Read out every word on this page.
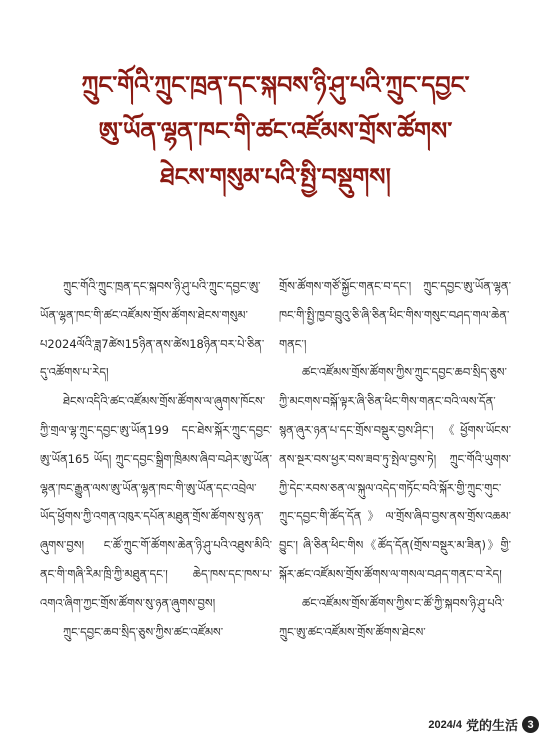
ཀྲུང་གོའི་ཀྲུང་ཁྲན་དང་སྐབས་ཉི་ཤུ་པའི་ཀྲུང་དབྱང་
ཨུ་ཡོན་ལྷན་ཁང་གི་ཚང་འཛོམས་གྲོས་ཚོགས་
ཐེངས་གསུམ་པའི་སྤྱི་བསྡུགས།

ཀྲུང་གོའི་ཀྲུང་ཁྲན་དང་སྐབས་ཉི་ཤུ་པའི་ཀྲུང་དབྱང་ཨུ་ཡོན་ལྷན་ཁང་གི་ཚང་འཛོམས་གྲོས་ཚོགས་ཐེངས་གསུམ་པ2024ལོའི་ཟླ7ཚེས15ཉིན་ནས་ཚེས18ཉིན་བར་པེ་ཅིན་དུ་འཚོགས་པ་རེད།

ཐེངས་འདིའི་ཚང་འཛོམས་གྲོས་ཚོགས་ལ་ཞུགས་ཁོངས་ཀྱི་གྲལ་ལྷ་ཀྲུང་དབྱང་ཨུ་ཡོན199 དང་ཐེས་སྐོར་ཀྲུང་དབྱང་ཨུ་ཡོན165 ཡོད། ཀྲུང་དབྱང་སྒྲིག་ཁྲིམས་ཞིབ་བཤེར་ཨུ་ཡོན་ལྷན་ཁང་རྒྱུན་ལས་ཨུ་ཡོན་ལྷན་ཁང་གི་ཨུ་ཡོན་དང་འབྲེལ་ཡོད་ཕྱོགས་ཀྱི་འགན་འཁུར་དཔོན་མཐུན་གྲོས་ཚོགས་སུ་ཉན་ཞུགས་བྱས། ང་ཚོ་ཀྲུང་གོ་ཚོགས་ཆེན་ཉི་ཤུ་པའི་འཐུས་མིའི་ནང་གི་གཞི་རིམ་ཁྲི་ཀྱི་མཐུན་དང་། ཆེད་ཁས་དང་ཁས་པ་འགའ་ཞིག་ཀྱང་གྲོས་ཚོགས་སུ་ཉན་ཞུགས་བྱས།

ཀྲུང་དབྱང་ཆབ་སྲིད་ཅུས་ཀྱིས་ཚང་འཛོམས་

གྲོས་ཚོགས་གཙོ་སྐྱོང་གནང་བ་དང་། ཀྲུང་དབྱང་ཨུ་ཡོན་ལྷན་ཁང་གི་སྤྱི་ཁྱབ་བྲུའུ་ཅི་ཞི་ཅིན་ཕིང་གིས་གསུང་བཤད་གལ་ཆེན་གནང་།

ཚང་འཛོམས་གྲོས་ཚོགས་ཀྱིས་ཀྲུང་དབྱང་ཆབ་སྲིད་ཅུས་ཀྱི་མངགས་བསྐོ་ལྟར་ཞི་ཅིན་ཕིང་གིས་གནང་བའི་ལས་དོན་སྙན་ཞུར་ཉན་པ་དང་གྲོས་བསྡུར་བྱས་ཤིང་། 《ཕྱོགས་ཡོངས་ནས་སྔར་བས་ཕྱར་བས་ཟབ་ཏུ་སྤེལ་བྱས་ཏེ། ཀྲུང་གོའི་ཡུགས་ཀྱི་དེང་རབས་ཅན་ལ་སྐུལ་འདེད་གཏོང་བའི་སྐོར་གྱི་ཀྲུང་གུང་ཀྲུང་དབྱང་གི་ཚོད་དོན》ལ་གྲོས་ཞིབ་བྱས་ནས་གྲོས་འཆམ་བྱུང་། ཞི་ཅིན་ཕིང་གིས《ཚོད་དོན(གྲོས་བསྡུར་མ་ཟིན)》གྱི་སྐོར་ཚང་འཛོམས་གྲོས་ཚོགས་ལ་གསལ་བཤད་གནང་བ་རེད།

ཚང་འཛོམས་གྲོས་ཚོགས་ཀྱིས་ང་ཚོ་ཀྱི་སྐབས་ཉི་ཤུ་པའི་ཀྲུང་ཨུ་ཚང་འཛོམས་གྲོས་ཚོགས་ཐེངས་

2024/4 党的生活 3
